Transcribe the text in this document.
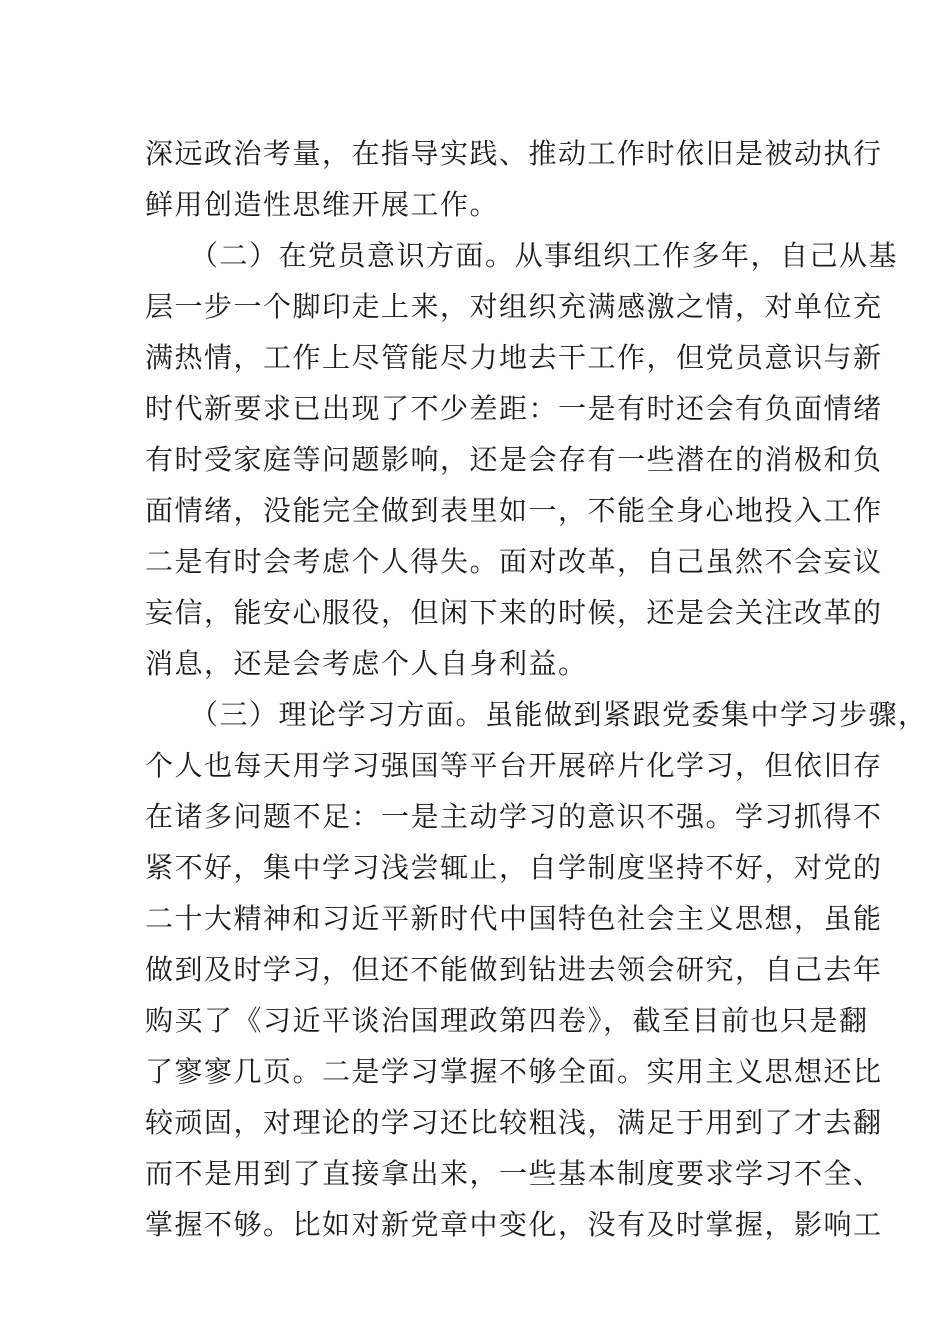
深远政治考量，在指导实践、推动工作时依旧是被动执行
鲜用创造性思维开展工作。
（二）在党员意识方面。从事组织工作多年，自己从基
层一步一个脚印走上来，对组织充满感激之情，对单位充
满热情，工作上尽管能尽力地去干工作，但党员意识与新
时代新要求已出现了不少差距：一是有时还会有负面情绪
有时受家庭等问题影响，还是会存有一些潜在的消极和负
面情绪，没能完全做到表里如一，不能全身心地投入工作
二是有时会考虑个人得失。面对改革，自己虽然不会妄议
妄信，能安心服役，但闲下来的时候，还是会关注改革的
消息，还是会考虑个人自身利益。
（三）理论学习方面。虽能做到紧跟党委集中学习步骤，
个人也每天用学习强国等平台开展碎片化学习，但依旧存
在诸多问题不足：一是主动学习的意识不强。学习抓得不
紧不好，集中学习浅尝辄止，自学制度坚持不好，对党的
二十大精神和习近平新时代中国特色社会主义思想，虽能
做到及时学习，但还不能做到钻进去领会研究，自己去年
购买了《习近平谈治国理政第四卷》，截至目前也只是翻
了寥寥几页。二是学习掌握不够全面。实用主义思想还比
较顽固，对理论的学习还比较粗浅，满足于用到了才去翻
而不是用到了直接拿出来，一些基本制度要求学习不全、
掌握不够。比如对新党章中变化，没有及时掌握，影响工
